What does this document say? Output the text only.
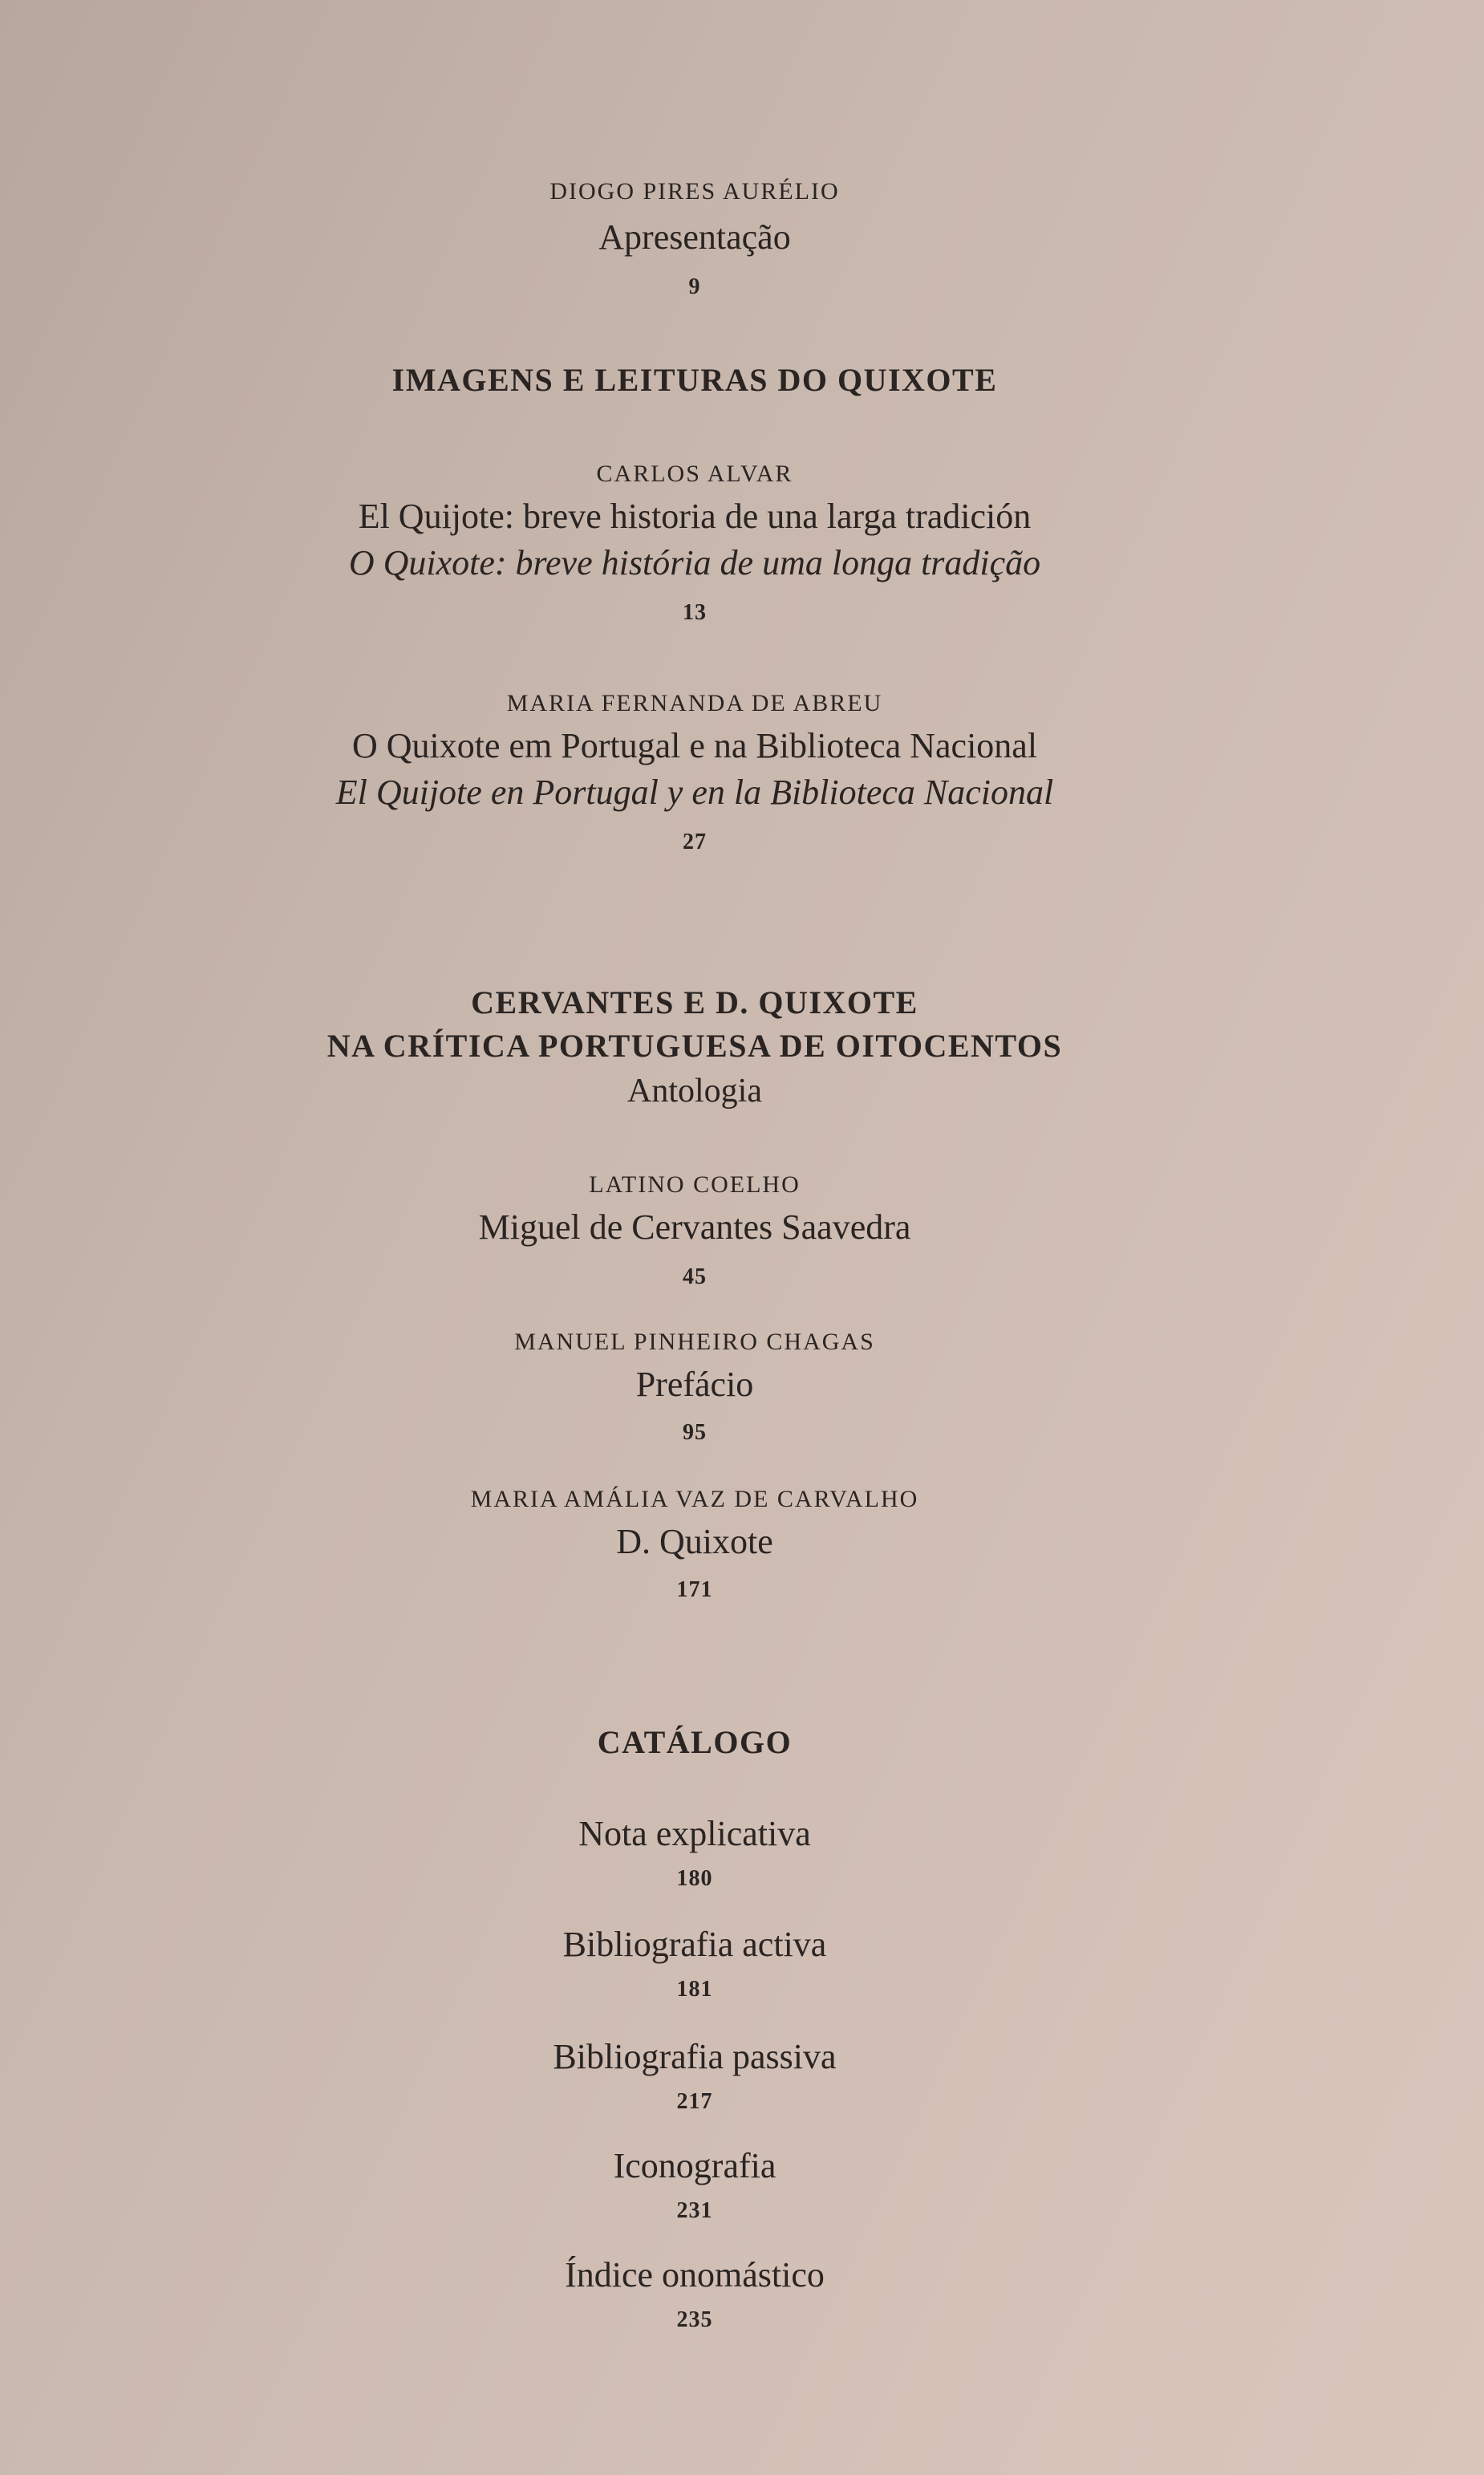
DIOGO PIRES AURÉLIO
Apresentação
9
IMAGENS E LEITURAS DO QUIXOTE
CARLOS ALVAR
El Quijote: breve historia de una larga tradición
O Quixote: breve história de uma longa tradição
13
MARIA FERNANDA DE ABREU
O Quixote em Portugal e na Biblioteca Nacional
El Quijote en Portugal y en la Biblioteca Nacional
27
CERVANTES E D. QUIXOTE
NA CRÍTICA PORTUGUESA DE OITOCENTOS
Antologia
LATINO COELHO
Miguel de Cervantes Saavedra
45
MANUEL PINHEIRO CHAGAS
Prefácio
95
MARIA AMÁLIA VAZ DE CARVALHO
D. Quixote
171
CATÁLOGO
Nota explicativa
180
Bibliografia activa
181
Bibliografia passiva
217
Iconografia
231
Índice onomástico
235
